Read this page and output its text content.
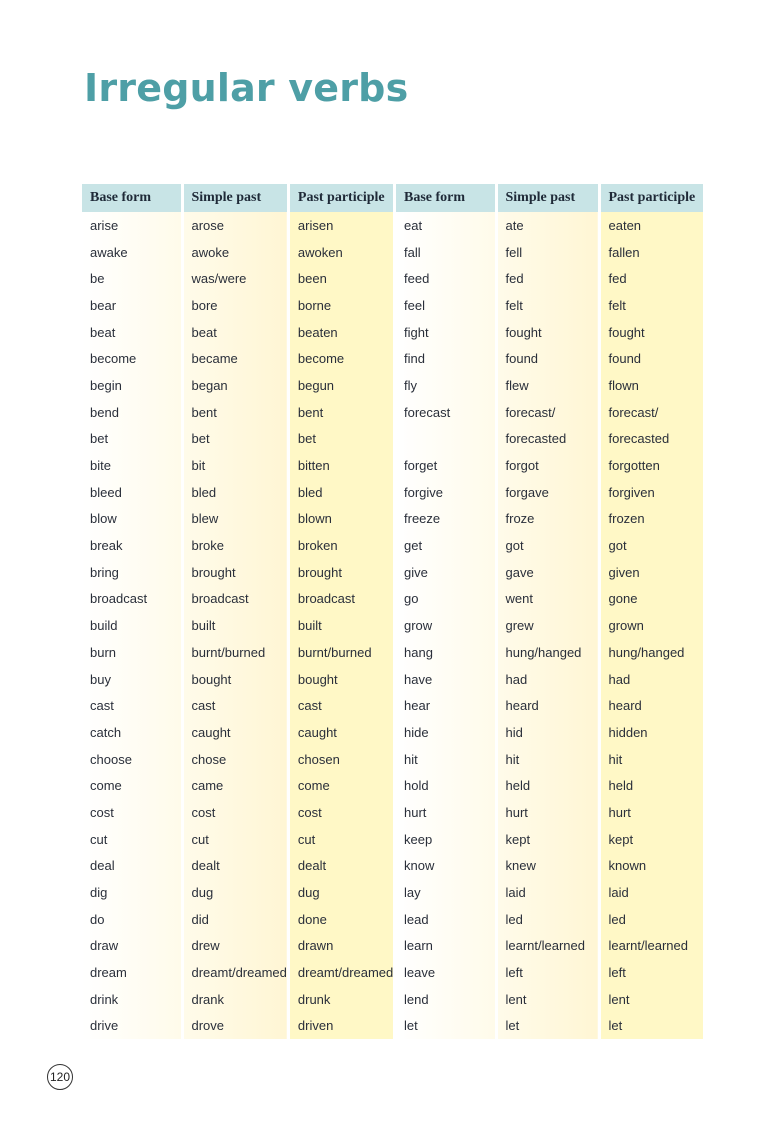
Irregular verbs
Base form	Simple past	Past participle
arise	arose	arisen
awake	awoke	awoken
be	was/were	been
bear	bore	borne
beat	beat	beaten
become	became	become
begin	began	begun
bend	bent	bent
bet	bet	bet
bite	bit	bitten
bleed	bled	bled
blow	blew	blown
break	broke	broken
bring	brought	brought
broadcast	broadcast	broadcast
build	built	built
burn	burnt/burned	burnt/burned
buy	bought	bought
cast	cast	cast
catch	caught	caught
choose	chose	chosen
come	came	come
cost	cost	cost
cut	cut	cut
deal	dealt	dealt
dig	dug	dug
do	did	done
draw	drew	drawn
dream	dreamt/dreamed	dreamt/dreamed
drink	drank	drunk
drive	drove	driven
Base form	Simple past	Past participle
eat	ate	eaten
fall	fell	fallen
feed	fed	fed
feel	felt	felt
fight	fought	fought
find	found	found
fly	flew	flown
forecast	forecast/	forecast/
	forecasted	forecasted
forget	forgot	forgotten
forgive	forgave	forgiven
freeze	froze	frozen
get	got	got
give	gave	given
go	went	gone
grow	grew	grown
hang	hung/hanged	hung/hanged
have	had	had
hear	heard	heard
hide	hid	hidden
hit	hit	hit
hold	held	held
hurt	hurt	hurt
keep	kept	kept
know	knew	known
lay	laid	laid
lead	led	led
learn	learnt/learned	learnt/learned
leave	left	left
lend	lent	lent
let	let	let
120
